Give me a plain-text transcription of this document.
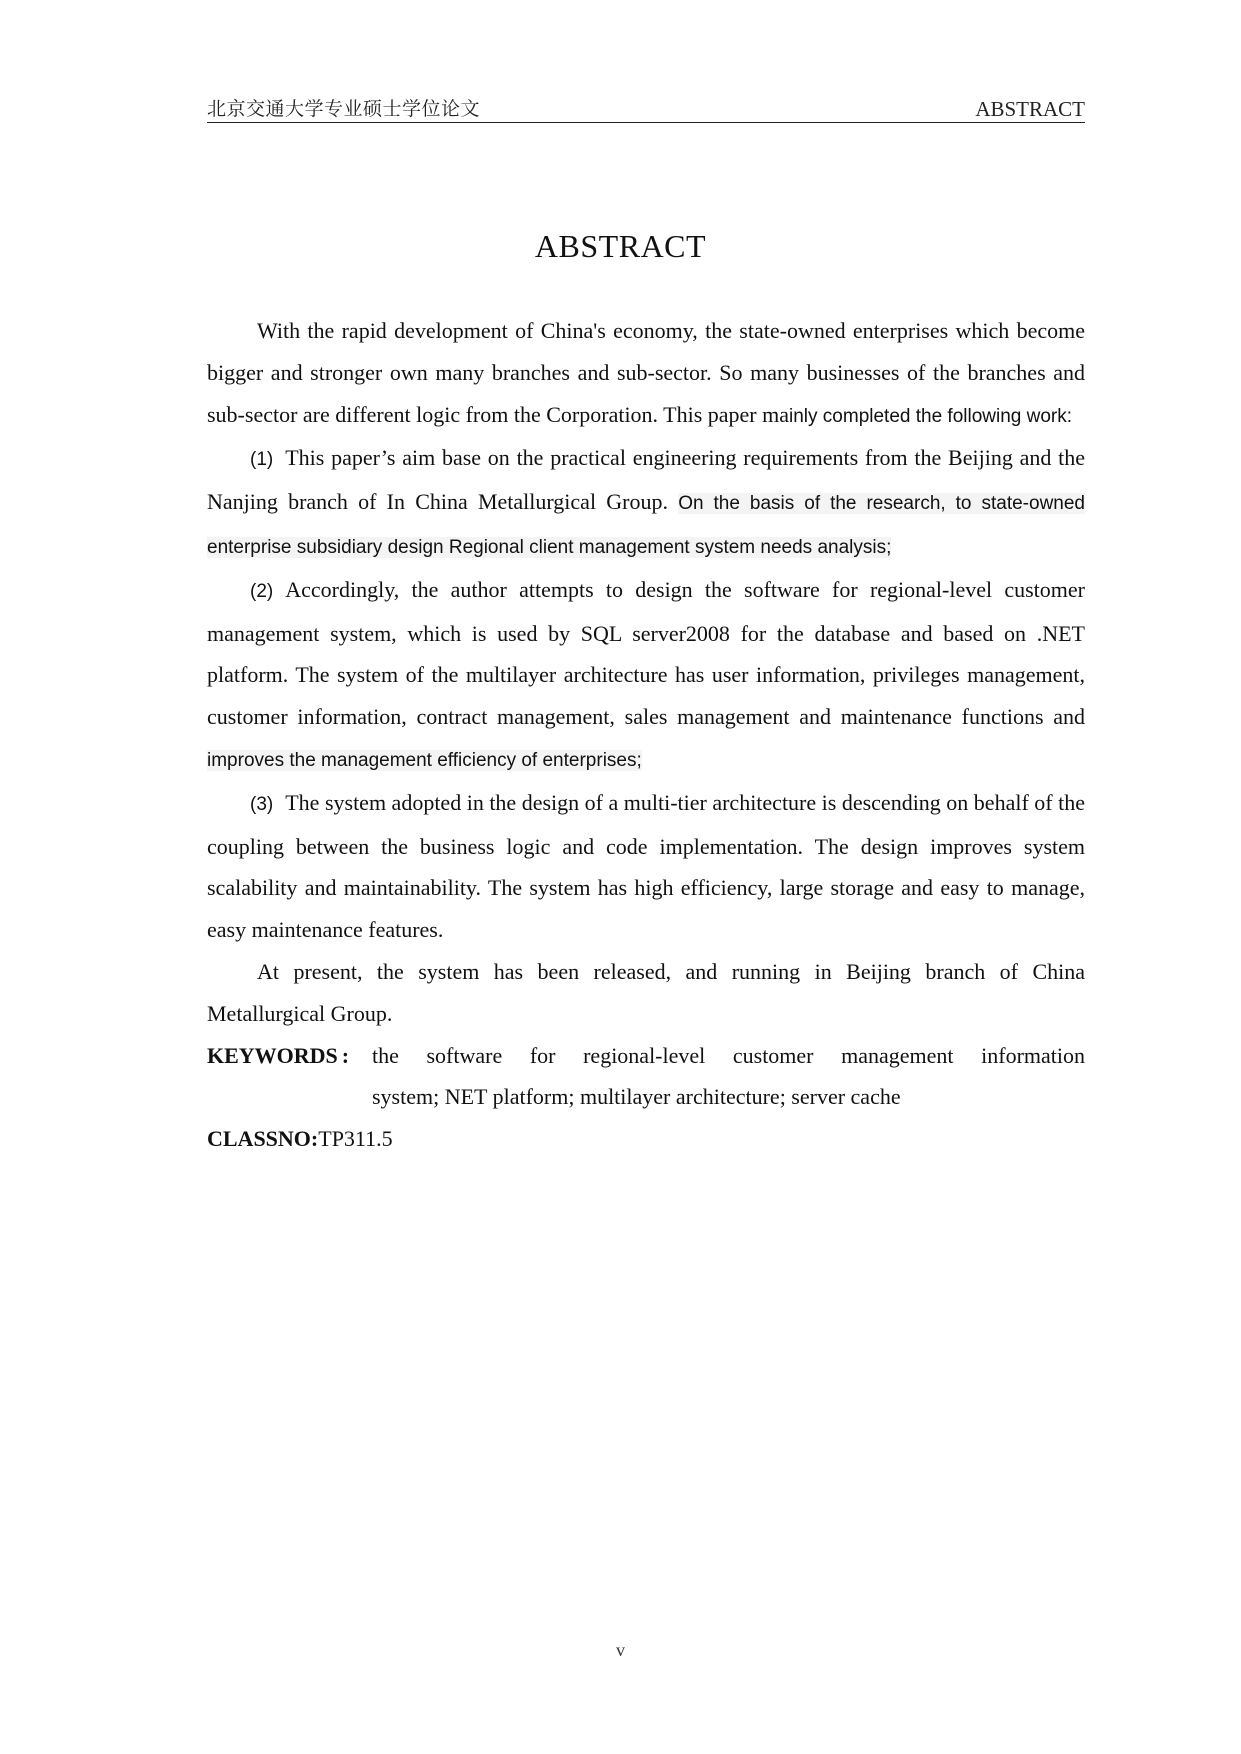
北京交通大学专业硕士学位论文	ABSTRACT
ABSTRACT

With the rapid development of China's economy, the state-owned enterprises which become bigger and stronger own many branches and sub-sector. So many businesses of the branches and sub-sector are different logic from the Corporation. This paper mainly completed the following work:

(1) This paper’s aim base on the practical engineering requirements from the Beijing and the Nanjing branch of In China Metallurgical Group. On the basis of the research, to state-owned enterprise subsidiary design Regional client management system needs analysis;

(2) Accordingly, the author attempts to design the software for regional-level customer management system, which is used by SQL server2008 for the database and based on .NET platform. The system of the multilayer architecture has user information, privileges management, customer information, contract management, sales management and maintenance functions and improves the management efficiency of enterprises;

(3) The system adopted in the design of a multi-tier architecture is descending on behalf of the coupling between the business logic and code implementation. The design improves system scalability and maintainability. The system has high efficiency, large storage and easy to manage, easy maintenance features.

At present, the system has been released, and running in Beijing branch of China Metallurgical Group.

KEYWORDS :	the software for regional-level customer management information
system; NET platform; multilayer architecture; server cache
CLASSNO:TP311.5
v
